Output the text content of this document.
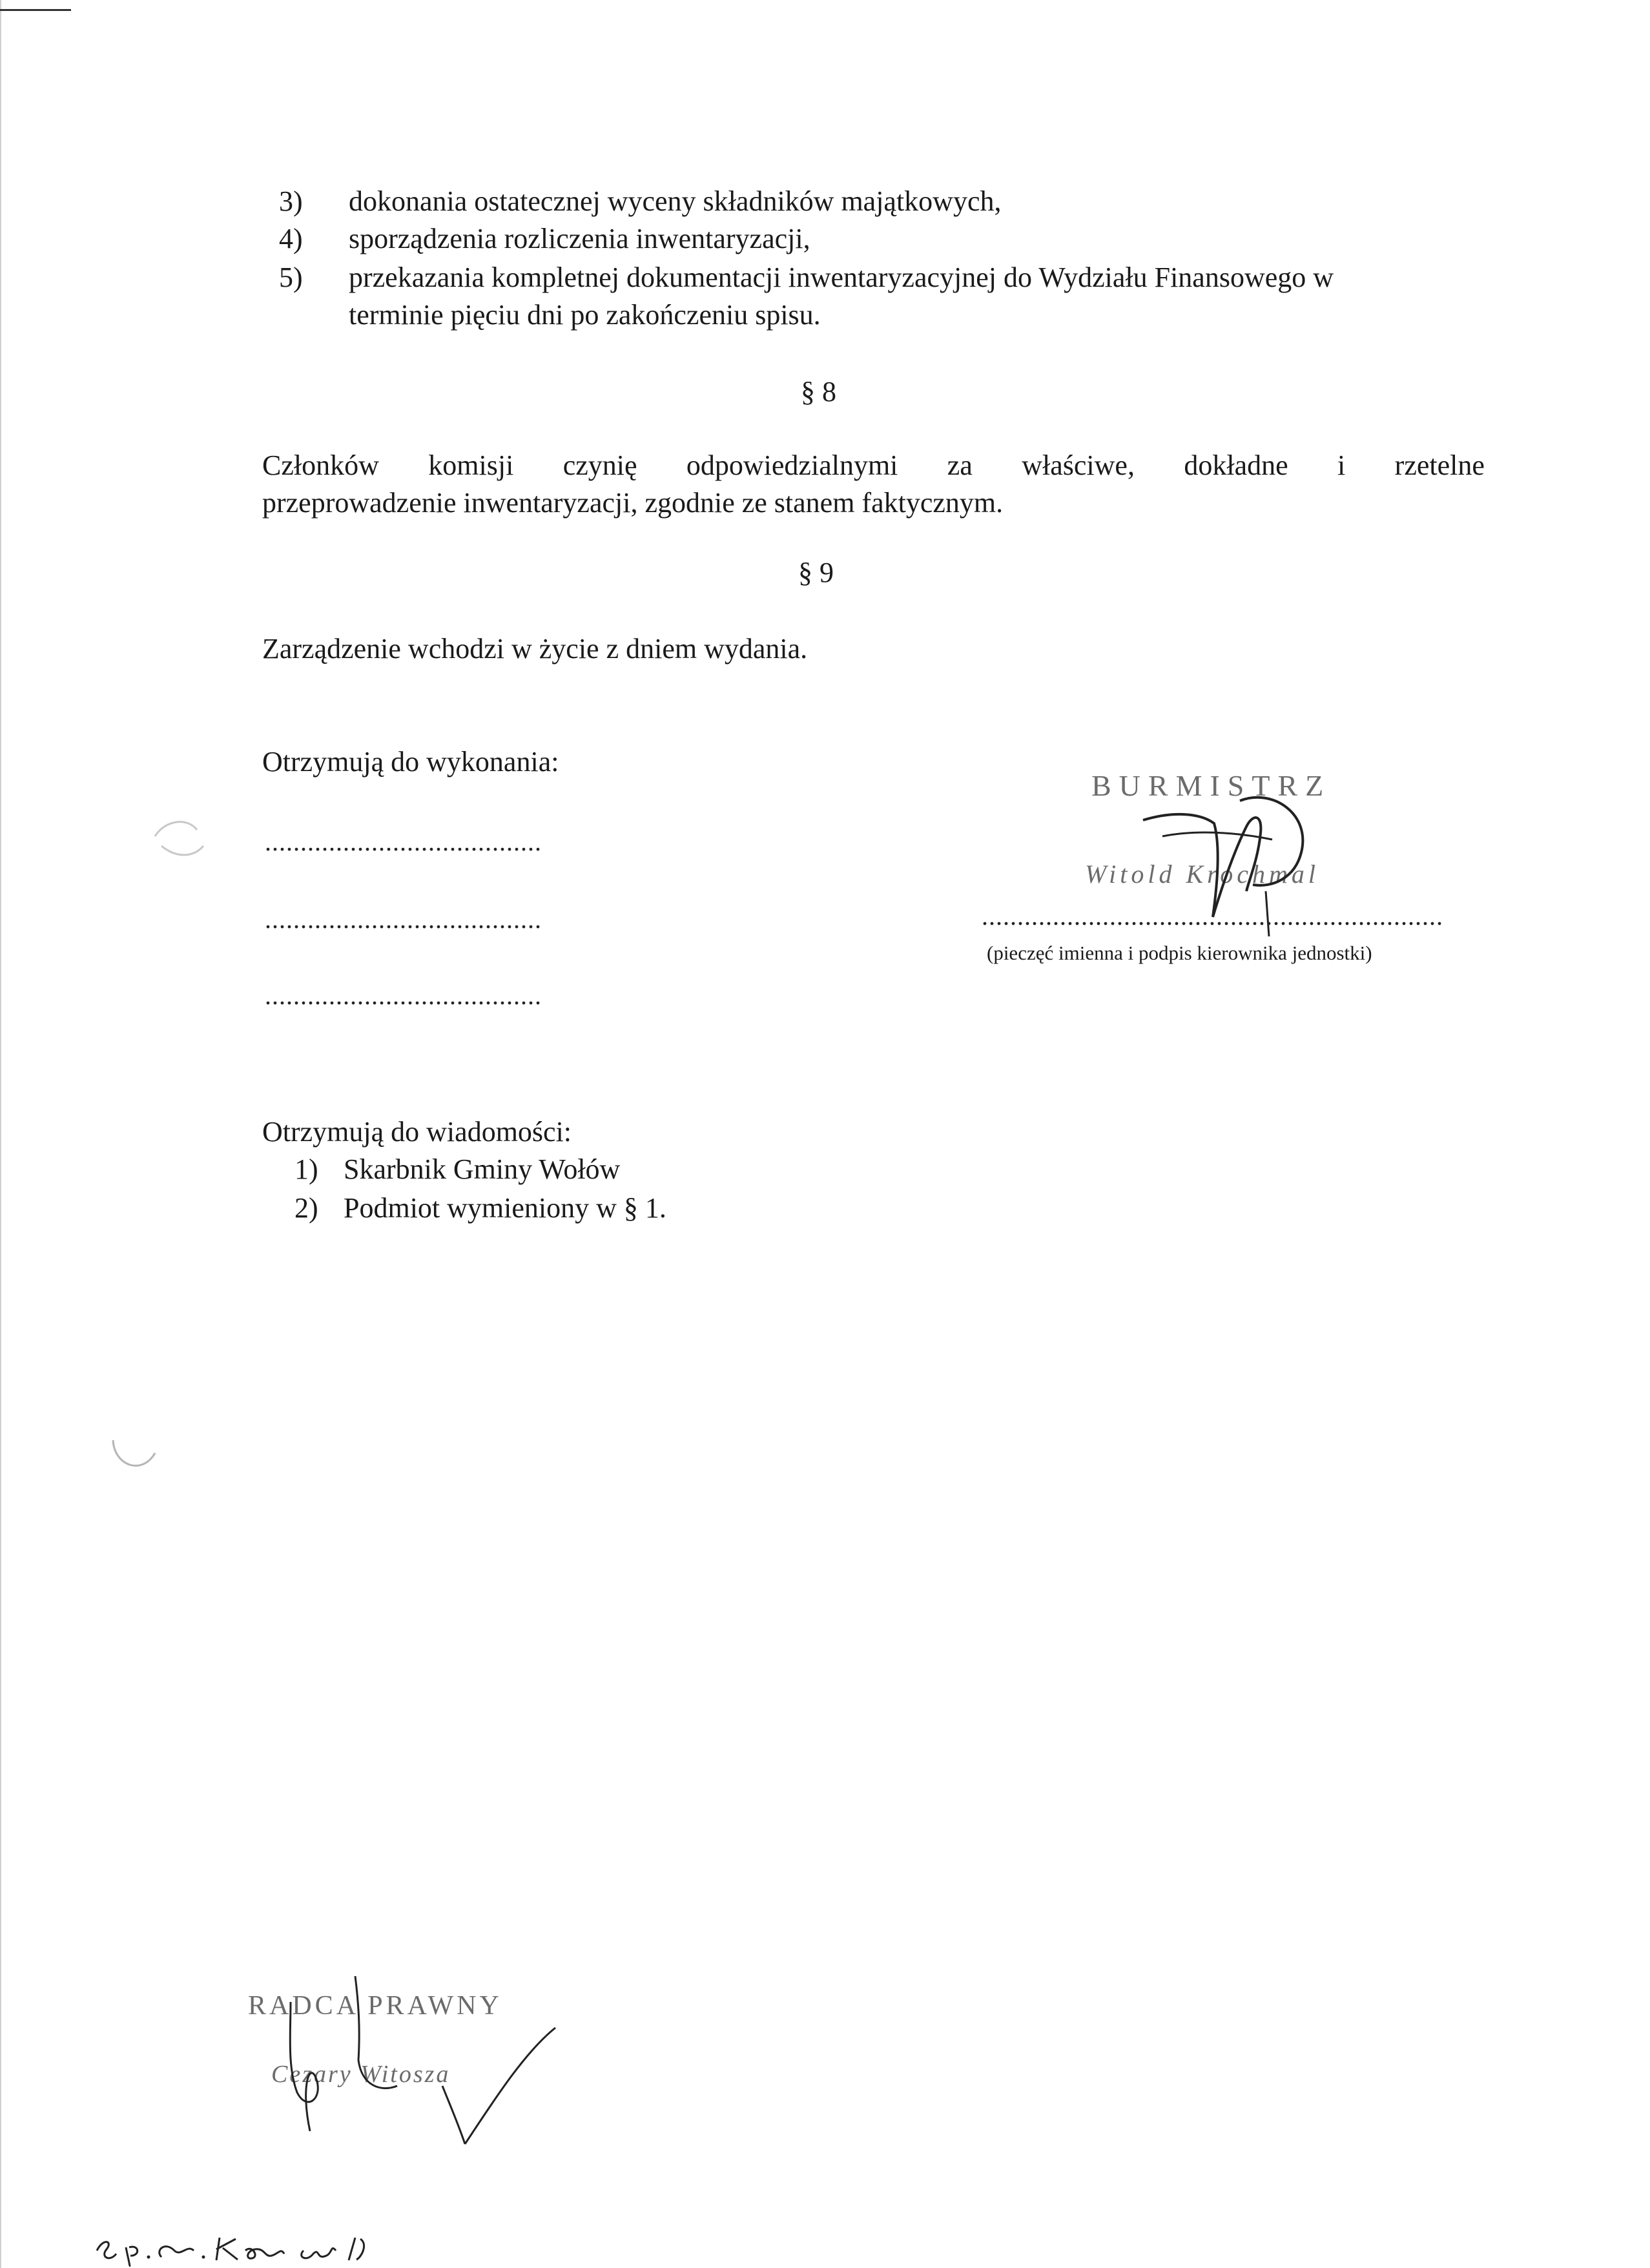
3) dokonania ostatecznej wyceny składników majątkowych,
4) sporządzenia rozliczenia inwentaryzacji,
5) przekazania kompletnej dokumentacji inwentaryzacyjnej do Wydziału Finansowego w
terminie pięciu dni po zakończeniu spisu.
§ 8
Członków komisji czynię odpowiedzialnymi za właściwe, dokładne i rzetelne
przeprowadzenie inwentaryzacji, zgodnie ze stanem faktycznym.
§ 9
Zarządzenie wchodzi w życie z dniem wydania.
Otrzymują do wykonania:
.......................................
.......................................
.......................................
BURMISTRZ
Witold Krochmal
.................................................................
(pieczęć imienna i podpis kierownika jednostki)
Otrzymują do wiadomości:
1) Skarbnik Gminy Wołów
2) Podmiot wymieniony w § 1.
RADCA PRAWNY
Cezary Witosza
